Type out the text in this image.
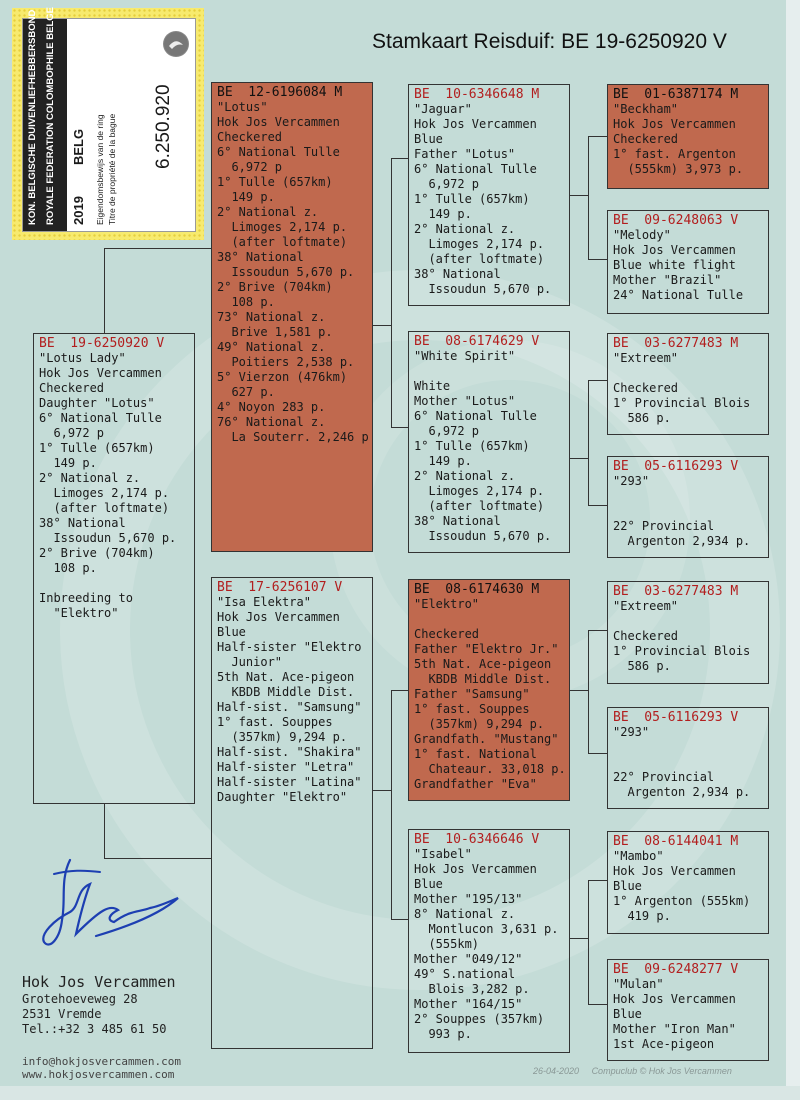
Stamkaart Reisduif: BE 19-6250920 V
KON. BELGISCHE DUIVENLIEFHEBBERSBOND ROYALE FEDERATION COLOMBOPHILE BELGE 2019
BELG Eigendomsbewijs van de ring Titre de propriété de la bague 6.250.920
BE  19-6250920 V
"Lotus Lady"
Hok Jos Vercammen
Checkered
Daughter "Lotus"
6° National Tulle
6,972 p
1° Tulle (657km)
149 p.
2° National z.
Limoges 2,174 p.
(after loftmate)
38° National
Issoudun 5,670 p.
2° Brive (704km)
108 p.

Inbreeding to
"Elektro"
BE  12-6196084 M
"Lotus"
Hok Jos Vercammen
Checkered
6° National Tulle
6,972 p
1° Tulle (657km)
149 p.
2° National z.
Limoges 2,174 p.
(after loftmate)
38° National
Issoudun 5,670 p.
2° Brive (704km)
108 p.
73° National z.
Brive 1,581 p.
49° National z.
Poitiers 2,538 p.
5° Vierzon (476km)
627 p.
4° Noyon 283 p.
76° National z.
La Souterr. 2,246 p
BE  17-6256107 V
"Isa Elektra"
Hok Jos Vercammen
Blue
Half-sister "Elektro
Junior"
5th Nat. Ace-pigeon
KBDB Middle Dist.
Half-sist. "Samsung"
1° fast. Souppes
(357km) 9,294 p.
Half-sist. "Shakira"
Half-sister "Letra"
Half-sister "Latina"
Daughter "Elektro"
BE  10-6346648 M
"Jaguar"
Hok Jos Vercammen
Blue
Father "Lotus"
6° National Tulle
6,972 p
1° Tulle (657km)
149 p.
2° National z.
Limoges 2,174 p.
(after loftmate)
38° National
Issoudun 5,670 p.
BE  08-6174629 V
"White Spirit"

White
Mother "Lotus"
6° National Tulle
6,972 p
1° Tulle (657km)
149 p.
2° National z.
Limoges 2,174 p.
(after loftmate)
38° National
Issoudun 5,670 p.
BE  08-6174630 M
"Elektro"

Checkered
Father "Elektro Jr."
5th Nat. Ace-pigeon
KBDB Middle Dist.
Father "Samsung"
1° fast. Souppes
(357km) 9,294 p.
Grandfath. "Mustang"
1° fast. National
Chateaur. 33,018 p.
Grandfather "Eva"
BE  10-6346646 V
"Isabel"
Hok Jos Vercammen
Blue
Mother "195/13"
8° National z.
Montlucon 3,631 p.
(555km)
Mother "049/12"
49° S.national
Blois 3,282 p.
Mother "164/15"
2° Souppes (357km)
993 p.
BE  01-6387174 M
"Beckham"
Hok Jos Vercammen
Checkered
1° fast. Argenton
(555km) 3,973 p.
BE  09-6248063 V
"Melody"
Hok Jos Vercammen
Blue white flight
Mother "Brazil"
24° National Tulle
BE  03-6277483 M
"Extreem"

Checkered
1° Provincial Blois
586 p.
BE  05-6116293 V
"293"

22° Provincial
Argenton 2,934 p.
BE  03-6277483 M
"Extreem"

Checkered
1° Provincial Blois
586 p.
BE  05-6116293 V
"293"

22° Provincial
Argenton 2,934 p.
BE  08-6144041 M
"Mambo"
Hok Jos Vercammen
Blue
1° Argenton (555km)
419 p.
BE  09-6248277 V
"Mulan"
Hok Jos Vercammen
Blue
Mother "Iron Man"
1st Ace-pigeon
Hok Jos Vercammen
Grotehoeveweg 28
2531 Vremde
Tel.:+32 3 485 61 50
info@hokjosvercammen.com
www.hokjosvercammen.com	26-04-2020 Compuclub © Hok Jos Vercammen
